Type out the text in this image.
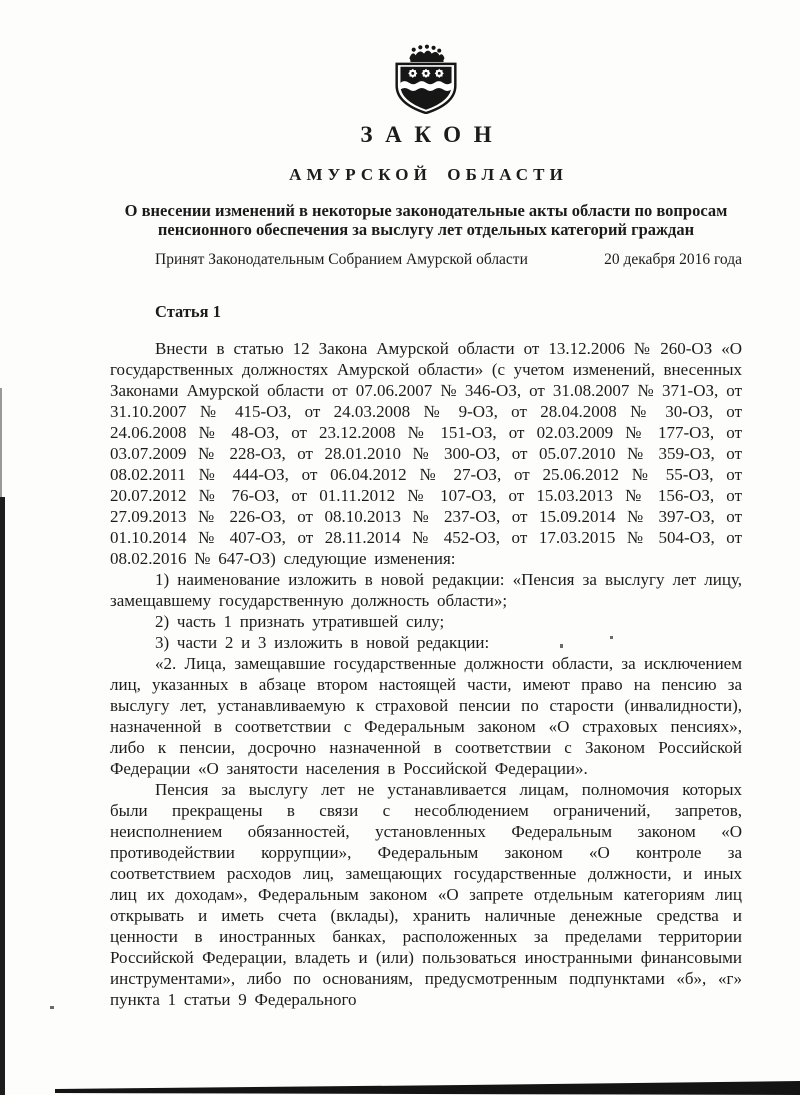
ЗАКОН
АМУРСКОЙ ОБЛАСТИ
О внесении изменений в некоторые законодательные акты области по вопросам пенсионного обеспечения за выслугу лет отдельных категорий граждан
Принят Законодательным Собранием Амурской области	20 декабря 2016 года
Статья 1

Внести в статью 12 Закона Амурской области от 13.12.2006 № 260-ОЗ «О государственных должностях Амурской области» (с учетом изменений, внесенных Законами Амурской области от 07.06.2007 № 346-ОЗ, от 31.08.2007 № 371-ОЗ, от 31.10.2007 № 415-ОЗ, от 24.03.2008 № 9-ОЗ, от 28.04.2008 № 30-ОЗ, от 24.06.2008 № 48-ОЗ, от 23.12.2008 № 151-ОЗ, от 02.03.2009 № 177-ОЗ, от 03.07.2009 № 228-ОЗ, от 28.01.2010 № 300-ОЗ, от 05.07.2010 № 359-ОЗ, от 08.02.2011 № 444-ОЗ, от 06.04.2012 № 27-ОЗ, от 25.06.2012 № 55-ОЗ, от 20.07.2012 № 76-ОЗ, от 01.11.2012 № 107-ОЗ, от 15.03.2013 № 156-ОЗ, от 27.09.2013 № 226-ОЗ, от 08.10.2013 № 237-ОЗ, от 15.09.2014 № 397-ОЗ, от 01.10.2014 № 407-ОЗ, от 28.11.2014 № 452-ОЗ, от 17.03.2015 № 504-ОЗ, от 08.02.2016 № 647-ОЗ) следующие изменения:

1) наименование изложить в новой редакции: «Пенсия за выслугу лет лицу, замещавшему государственную должность области»;

2) часть 1 признать утратившей силу;

3) части 2 и 3 изложить в новой редакции:

«2. Лица, замещавшие государственные должности области, за исключением лиц, указанных в абзаце втором настоящей части, имеют право на пенсию за выслугу лет, устанавливаемую к страховой пенсии по старости (инвалидности), назначенной в соответствии с Федеральным законом «О страховых пенсиях», либо к пенсии, досрочно назначенной в соответствии с Законом Российской Федерации «О занятости населения в Российской Федерации».

Пенсия за выслугу лет не устанавливается лицам, полномочия которых были прекращены в связи с несоблюдением ограничений, запретов, неисполнением обязанностей, установленных Федеральным законом «О противодействии коррупции», Федеральным законом «О контроле за соответствием расходов лиц, замещающих государственные должности, и иных лиц их доходам», Федеральным законом «О запрете отдельным категориям лиц открывать и иметь счета (вклады), хранить наличные денежные средства и ценности в иностранных банках, расположенных за пределами территории Российской Федерации, владеть и (или) пользоваться иностранными финансовыми инструментами», либо по основаниям, предусмотренным подпунктами «б», «г» пункта 1 статьи 9 Федерального
